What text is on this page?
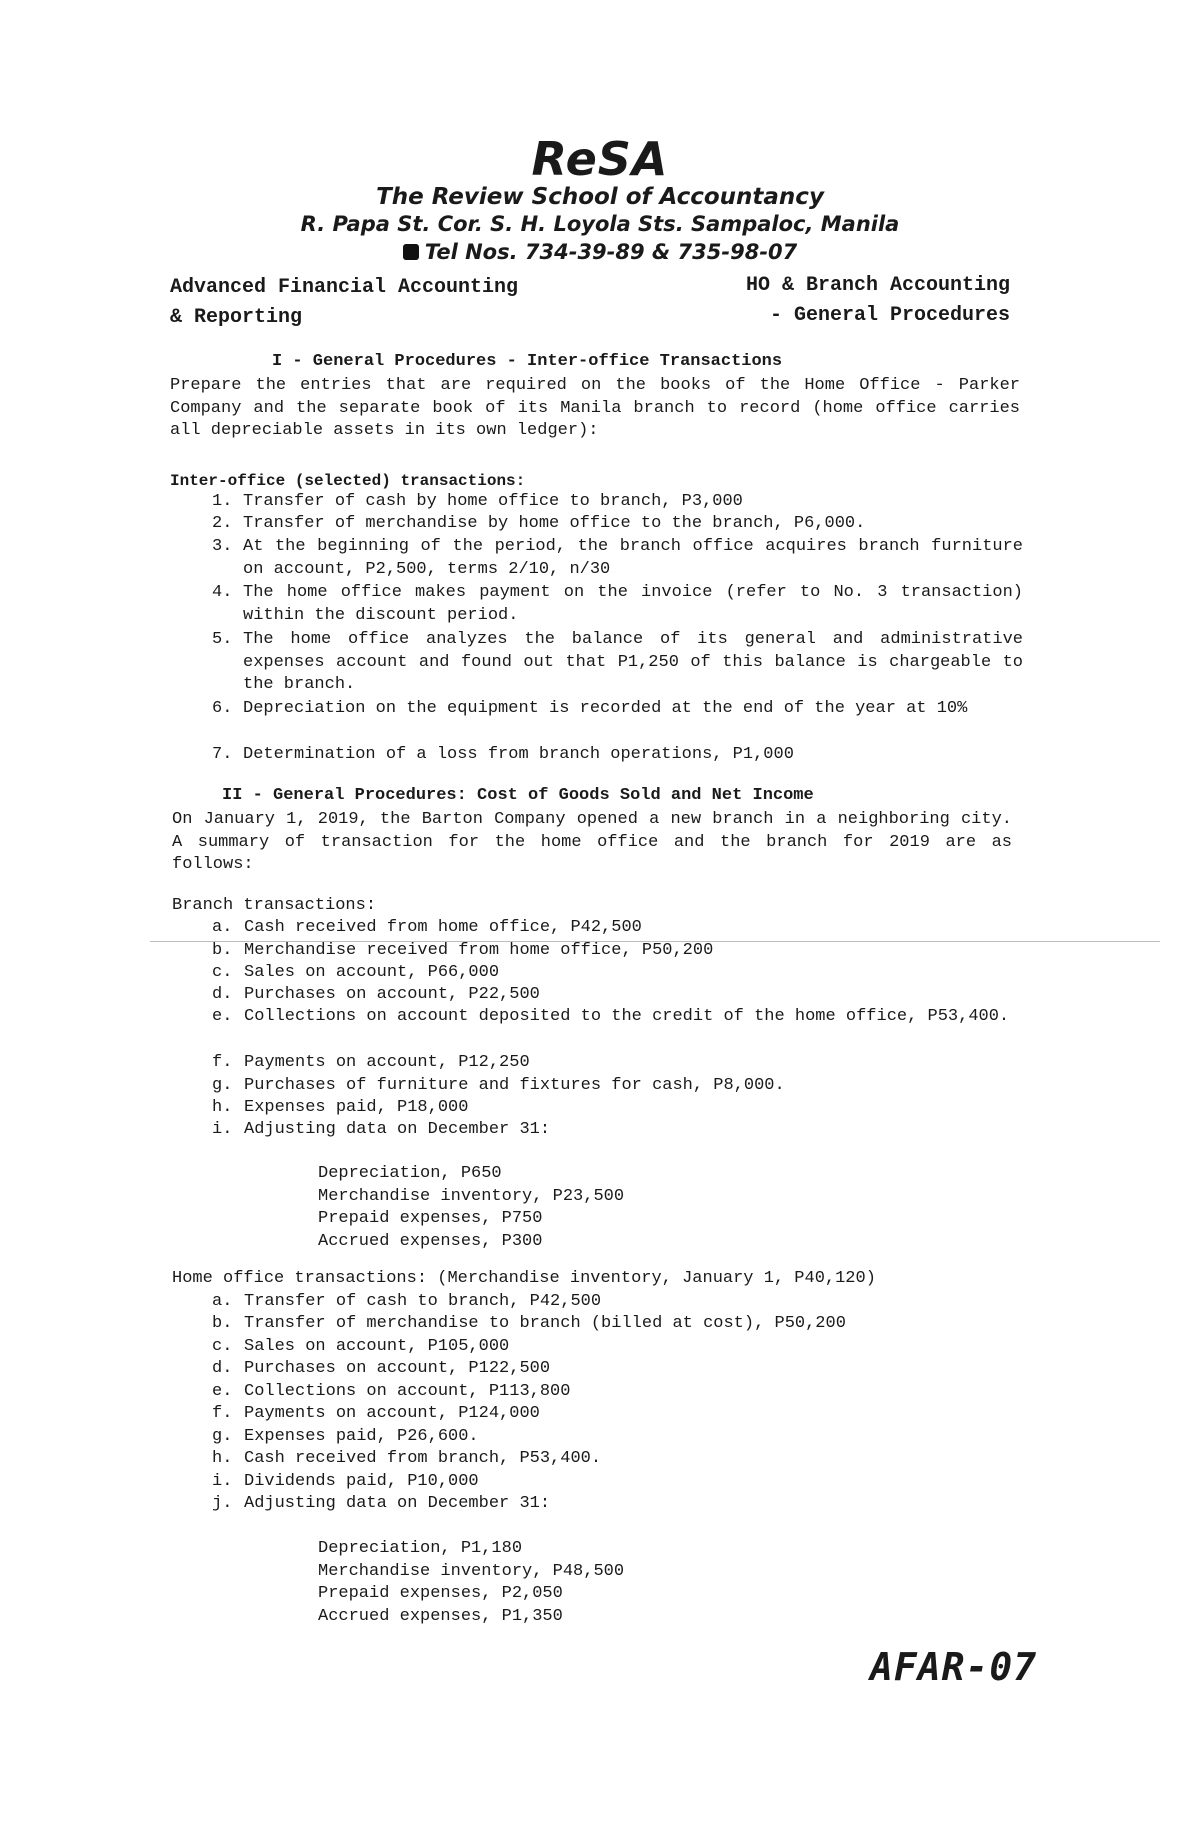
ReSA
The Review School of Accountancy
R. Papa St. Cor. S. H. Loyola Sts. Sampaloc, Manila
Tel Nos. 734-39-89 & 735-98-07
Advanced Financial Accounting
& Reporting
HO & Branch Accounting
- General Procedures
I - General Procedures - Inter-office Transactions
Prepare the entries that are required on the books of the Home Office - Parker Company and the separate book of its Manila branch to record (home office carries all depreciable assets in its own ledger):
Inter-office (selected) transactions:
1. Transfer of cash by home office to branch, P3,000
2. Transfer of merchandise by home office to the branch, P6,000.
3. At the beginning of the period, the branch office acquires branch furniture on account, P2,500, terms 2/10, n/30
4. The home office makes payment on the invoice (refer to No. 3 transaction) within the discount period.
5. The home office analyzes the balance of its general and administrative expenses account and found out that P1,250 of this balance is chargeable to the branch.
6. Depreciation on the equipment is recorded at the end of the year at 10%
7. Determination of a loss from branch operations, P1,000
II - General Procedures: Cost of Goods Sold and Net Income
On January 1, 2019, the Barton Company opened a new branch in a neighboring city. A summary of transaction for the home office and the branch for 2019 are as follows:
Branch transactions:
a. Cash received from home office, P42,500
b. Merchandise received from home office, P50,200
c. Sales on account, P66,000
d. Purchases on account, P22,500
e. Collections on account deposited to the credit of the home office, P53,400.
f. Payments on account, P12,250
g. Purchases of furniture and fixtures for cash, P8,000.
h. Expenses paid, P18,000
i. Adjusting data on December 31:
Depreciation, P650
Merchandise inventory, P23,500
Prepaid expenses, P750
Accrued expenses, P300
Home office transactions: (Merchandise inventory, January 1, P40,120)
a. Transfer of cash to branch, P42,500
b. Transfer of merchandise to branch (billed at cost), P50,200
c. Sales on account, P105,000
d. Purchases on account, P122,500
e. Collections on account, P113,800
f. Payments on account, P124,000
g. Expenses paid, P26,600.
h. Cash received from branch, P53,400.
i. Dividends paid, P10,000
j. Adjusting data on December 31:
Depreciation, P1,180
Merchandise inventory, P48,500
Prepaid expenses, P2,050
Accrued expenses, P1,350
AFAR-07
